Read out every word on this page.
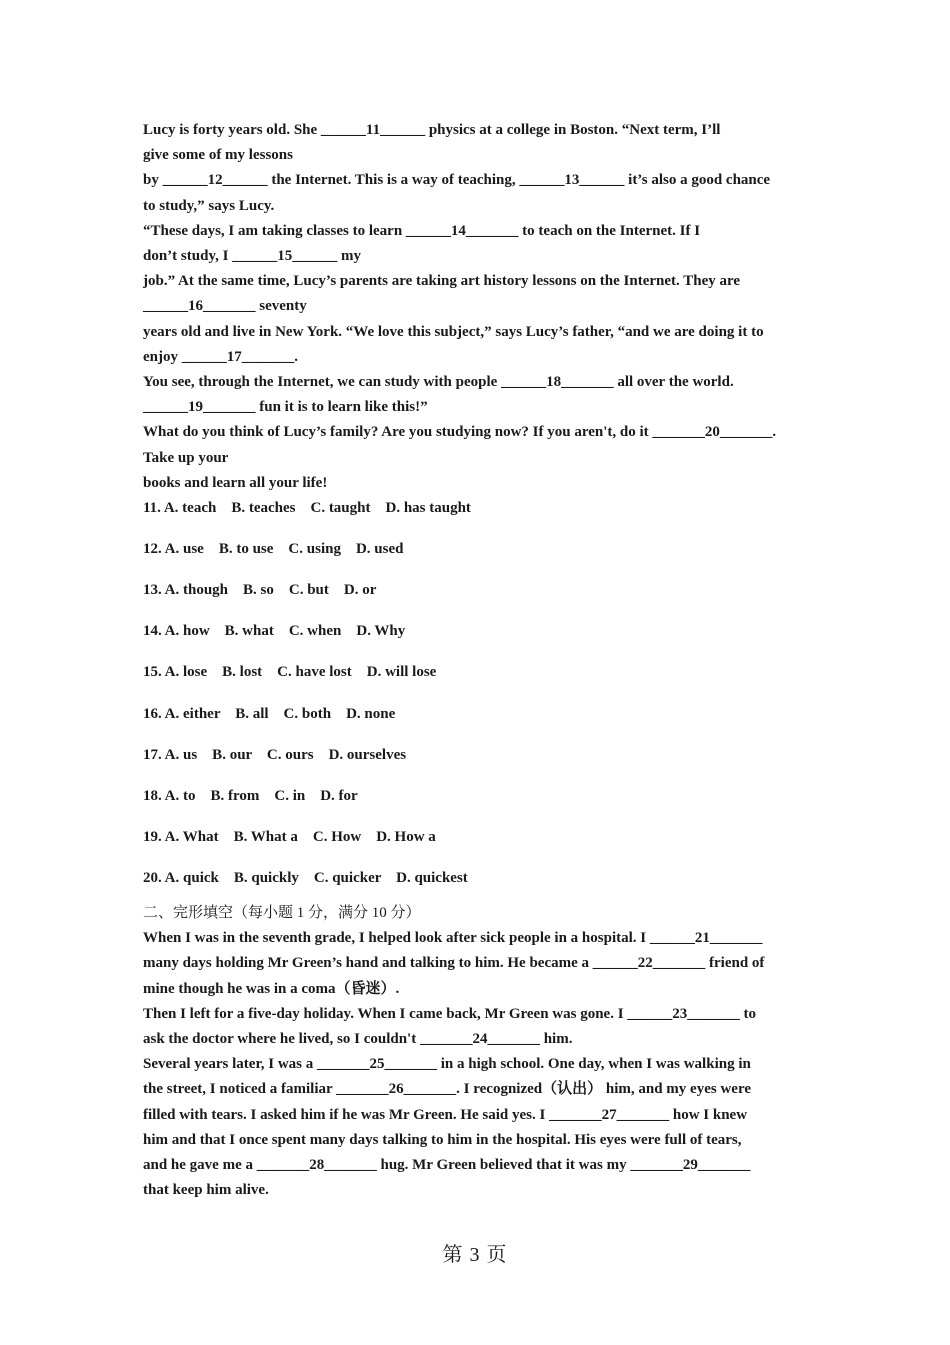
Lucy is forty years old. She ______11______ physics at a college in Boston. “Next term, I’ll

give some of my lessons

by ______12______ the Internet. This is a way of teaching, ______13______ it’s also a good chance

to study,” says Lucy.

“These days, I am taking classes to learn ______14_______ to teach on the Internet. If I

don’t study, I ______15______ my

job.” At the same time, Lucy’s parents are taking art history lessons on the Internet. They are

______16_______ seventy

years old and live in New York. “We love this subject,” says Lucy’s father, “and we are doing it to

enjoy ______17_______.

You see, through the Internet, we can study with people ______18_______ all over the world.

______19_______ fun it is to learn like this!”

What do you think of Lucy’s family? Are you studying now? If you aren't, do it _______20_______.

Take up your

books and learn all your life!

11. A. teach    B. teaches    C. taught    D. has taught

12. A. use    B. to use    C. using    D. used

13. A. though    B. so    C. but    D. or

14. A. how    B. what    C. when    D. Why

15. A. lose    B. lost    C. have lost    D. will lose

16. A. either    B. all    C. both    D. none

17. A. us    B. our    C. ours    D. ourselves

18. A. to    B. from    C. in    D. for

19. A. What    B. What a    C. How    D. How a

20. A. quick    B. quickly    C. quicker    D. quickest

二、完形填空（每小题 1 分，满分 10 分）

When I was in the seventh grade, I helped look after sick people in a hospital. I ______21_______

many days holding Mr Green’s hand and talking to him. He became a ______22_______ friend of

mine though he was in a coma（昏迷）.

Then I left for a five-day holiday. When I came back, Mr Green was gone. I ______23_______ to

ask the doctor where he lived, so I couldn't _______24_______ him.

Several years later, I was a _______25_______ in a high school. One day, when I was walking in

the street, I noticed a familiar _______26_______. I recognized（认出） him, and my eyes were

filled with tears. I asked him if he was Mr Green. He said yes. I _______27_______ how I knew

him and that I once spent many days talking to him in the hospital. His eyes were full of tears,

and he gave me a _______28_______ hug. Mr Green believed that it was my _______29_______

that keep him alive.

第 3 页
